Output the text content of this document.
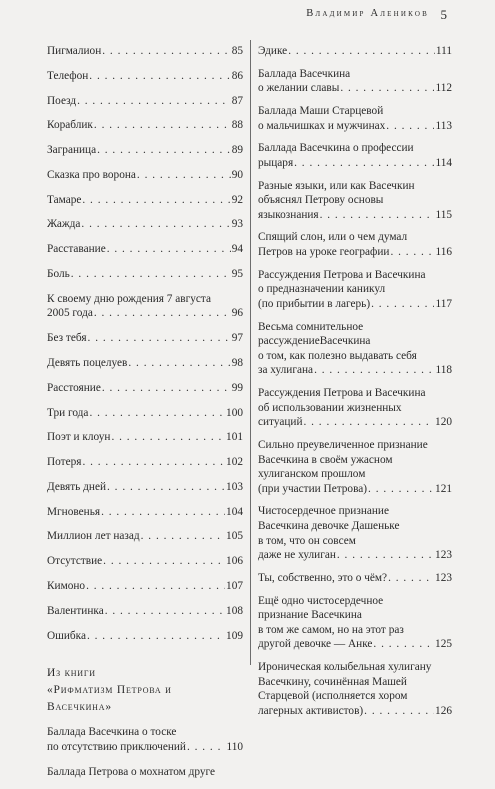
Владимир Алеников 5
Пигмалион . . .	85
Телефон . . .	86
Поезд . . .	87
Кораблик . . .	88
Заграница . . .	89
Сказка про ворона . . .	90
Тамаре . . .	92
Жажда . . .	93
Расставание . . .	94
Боль . . .	95
К своему дню рождения 7 августа
2005 года . . .	96
Без тебя . . .	97
Девять поцелуев . . .	98
Расстояние . . .	99
Три года . . .	100
Поэт и клоун . . .	101
Потеря . . .	102
Девять дней . . .	103
Мгновенья . . .	104
Миллион лет назад . . .	105
Отсутствие . . .	106
Кимоно . . .	107
Валентинка . . .	108
Ошибка . . .	109
Из книги
«Рифматизм Петрова и
Васечкина»
Баллада Васечкина о тоске
по отсутствию приключений . . .	110
Баллада Петрова о мохнатом друге
Эдике . . .	111
Баллада Васечкина
о желании славы . . .	112
Баллада Маши Старцевой
о мальчишках и мужчинах . . .	113
Баллада Васечкина о профессии
рыцаря . . .	114
Разные языки, или как Васечкин
объяснял Петрову основы
языкознания . . .	115
Спящий слон, или о чем думал
Петров на уроке географии . . .	116
Рассуждения Петрова и Васечкина
о предназначении каникул
(по прибытии в лагерь) . . .	117
Весьма сомнительное
рассуждениеВасечкина
о том, как полезно выдавать себя
за хулигана . . .	118
Рассуждения Петрова и Васечкина
об использовании жизненных
ситуаций . . .	120
Сильно преувеличенное признание
Васечкина в своём ужасном
хулиганском прошлом
(при участии Петрова) . . .	121
Чистосердечное признание
Васечкина девочке Дашеньке
в том, что он совсем
даже не хулиган . . .	123
Ты, собственно, это о чём? . . .	123
Ещё одно чистосердечное
признание Васечкина
в том же самом, но на этот раз
другой девочке — Анке . . .	125
Ироническая колыбельная хулигану
Васечкину, сочинённая Машей
Старцевой (исполняется хором
лагерных активистов) . . .	126
